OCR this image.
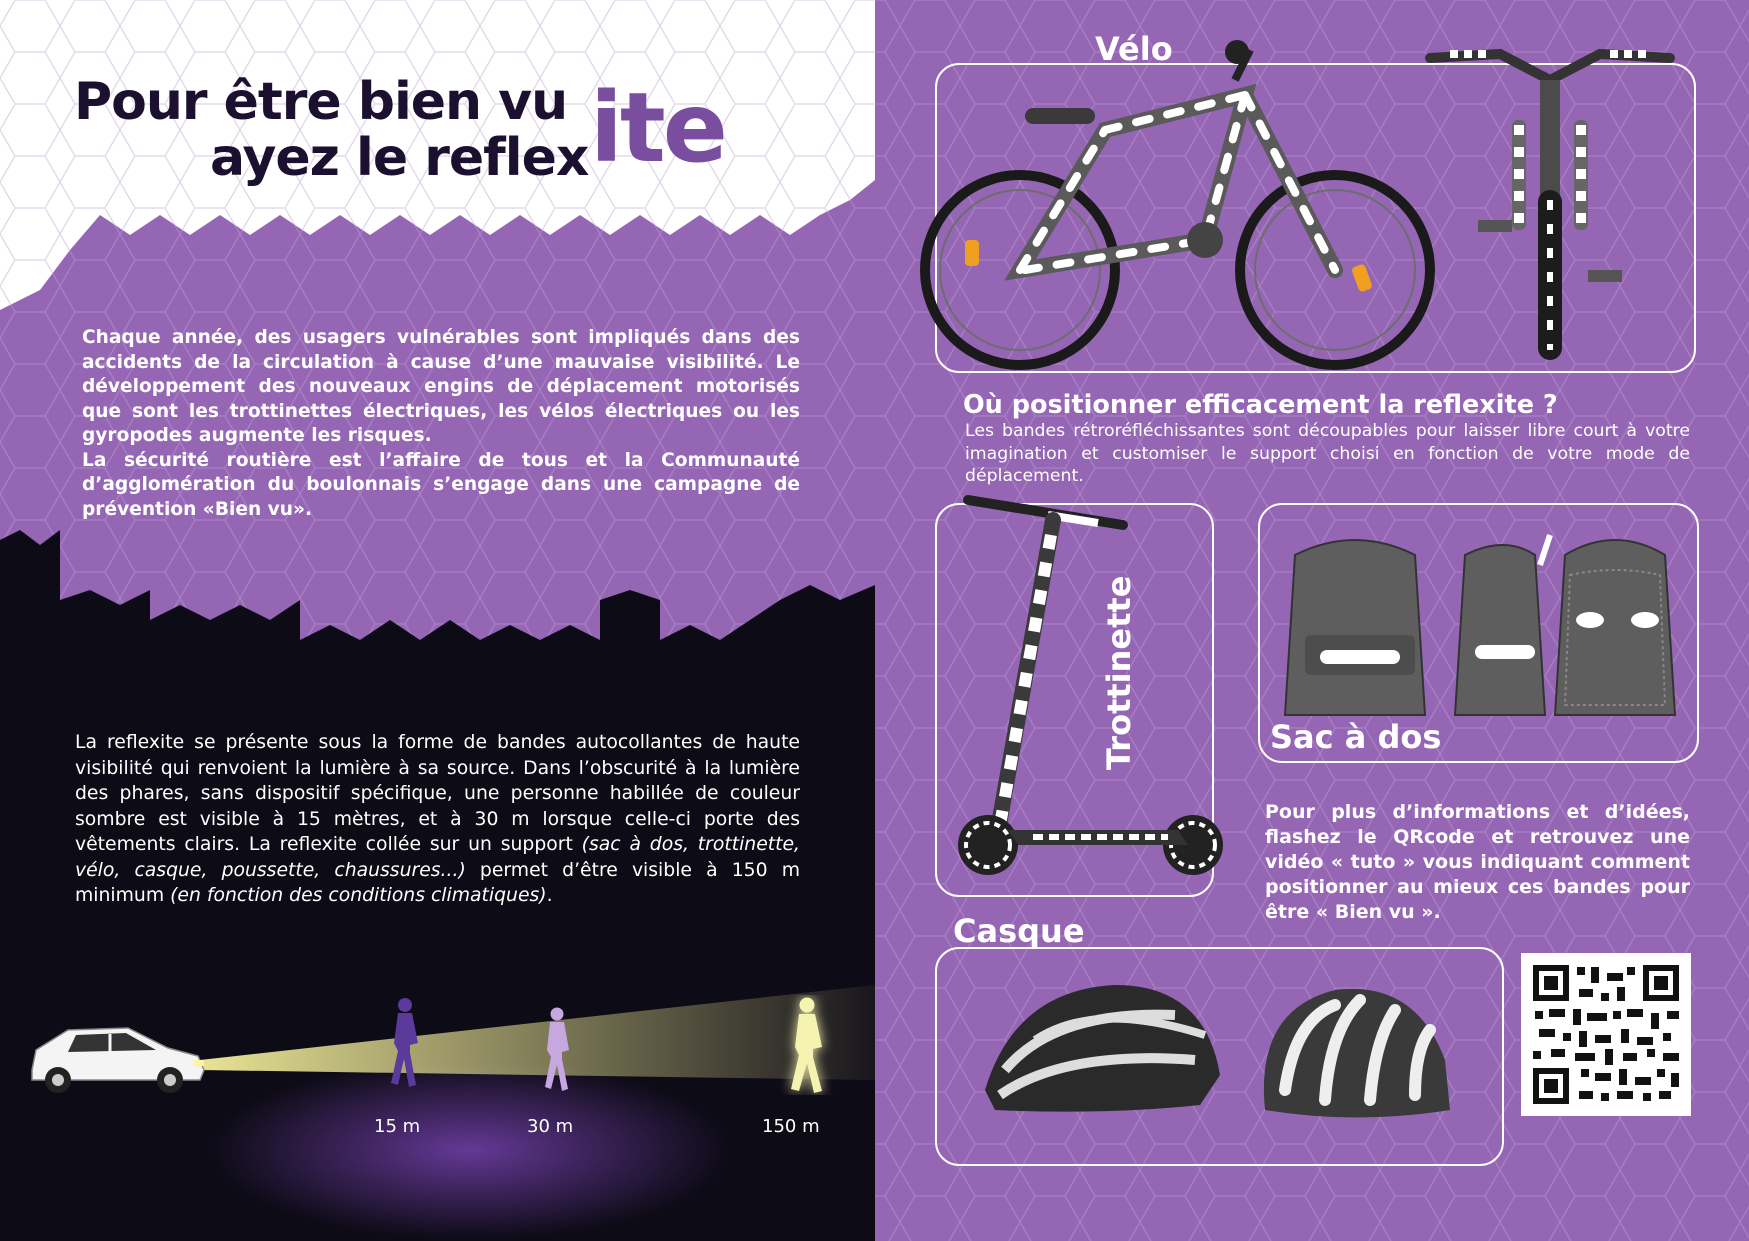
Pour être bien vu
ayez le reflex ite

Chaque année, des usagers vulnérables sont impliqués dans des accidents de la circulation à cause d’une mauvaise visibilité. Le développement des nouveaux engins de déplacement motorisés que sont les trottinettes électriques, les vélos électriques ou les gyropodes augmente les risques.

La sécurité routière est l’affaire de tous et la Communauté d’agglomération du boulonnais s’engage dans une campagne de prévention «Bien vu».

La reflexite se présente sous la forme de bandes autocollantes de haute visibilité qui renvoient la lumière à sa source. Dans l’obscurité à la lumière des phares, sans dispositif spécifique, une personne habillée de couleur sombre est visible à 15 mètres, et à 30 m lorsque celle-ci porte des vêtements clairs. La reflexite collée sur un support (sac à dos, trottinette, vélo, casque, poussette, chaussures...) permet d’être visible à 150 m minimum (en fonction des conditions climatiques).
15 m	30 m	150 m
Vélo
Où positionner efficacement la reflexite ?
Les bandes rétroréfléchissantes sont découpables pour laisser libre court à votre imagination et customiser le support choisi en fonction de votre mode de déplacement.
Trottinette	Sac à dos
Pour plus d’informations et d’idées, flashez le QRcode et retrouvez une vidéo « tuto » vous indiquant comment positionner au mieux ces bandes pour être « Bien vu ».
Casque
